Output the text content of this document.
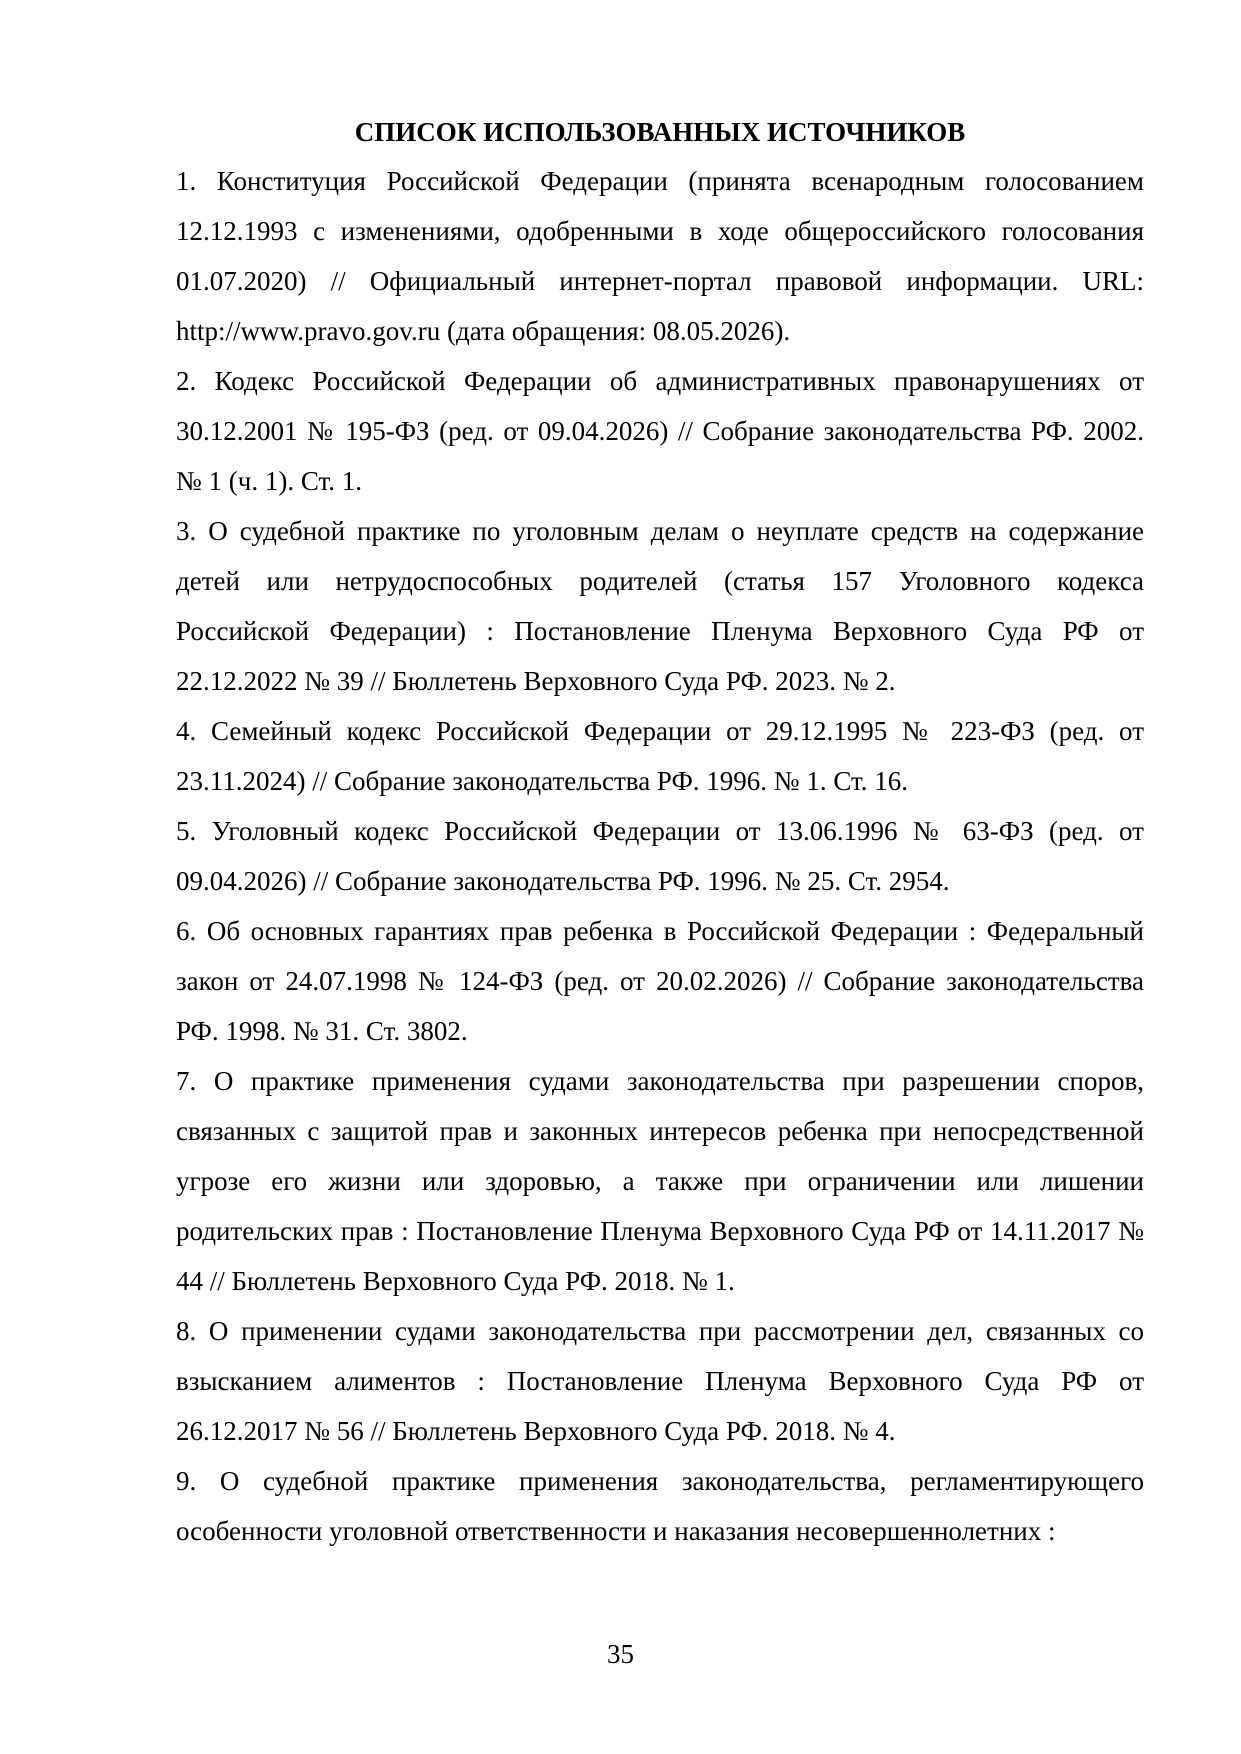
СПИСОК ИСПОЛЬЗОВАННЫХ ИСТОЧНИКОВ
1. Конституция Российской Федерации (принята всенародным голосованием 12.12.1993 с изменениями, одобренными в ходе общероссийского голосования 01.07.2020) // Официальный интернет-портал правовой информации. URL: http://www.pravo.gov.ru (дата обращения: 08.05.2026).
2. Кодекс Российской Федерации об административных правонарушениях от 30.12.2001 № 195-ФЗ (ред. от 09.04.2026) // Собрание законодательства РФ. 2002. № 1 (ч. 1). Ст. 1.
3. О судебной практике по уголовным делам о неуплате средств на содержание детей или нетрудоспособных родителей (статья 157 Уголовного кодекса Российской Федерации) : Постановление Пленума Верховного Суда РФ от 22.12.2022 № 39 // Бюллетень Верховного Суда РФ. 2023. № 2.
4. Семейный кодекс Российской Федерации от 29.12.1995 № 223-ФЗ (ред. от 23.11.2024) // Собрание законодательства РФ. 1996. № 1. Ст. 16.
5. Уголовный кодекс Российской Федерации от 13.06.1996 № 63-ФЗ (ред. от 09.04.2026) // Собрание законодательства РФ. 1996. № 25. Ст. 2954.
6. Об основных гарантиях прав ребенка в Российской Федерации : Федеральный закон от 24.07.1998 № 124-ФЗ (ред. от 20.02.2026) // Собрание законодательства РФ. 1998. № 31. Ст. 3802.
7. О практике применения судами законодательства при разрешении споров, связанных с защитой прав и законных интересов ребенка при непосредственной угрозе его жизни или здоровью, а также при ограничении или лишении родительских прав : Постановление Пленума Верховного Суда РФ от 14.11.2017 № 44 // Бюллетень Верховного Суда РФ. 2018. № 1.
8. О применении судами законодательства при рассмотрении дел, связанных со взысканием алиментов : Постановление Пленума Верховного Суда РФ от 26.12.2017 № 56 // Бюллетень Верховного Суда РФ. 2018. № 4.
9. О судебной практике применения законодательства, регламентирующего особенности уголовной ответственности и наказания несовершеннолетних :
35
